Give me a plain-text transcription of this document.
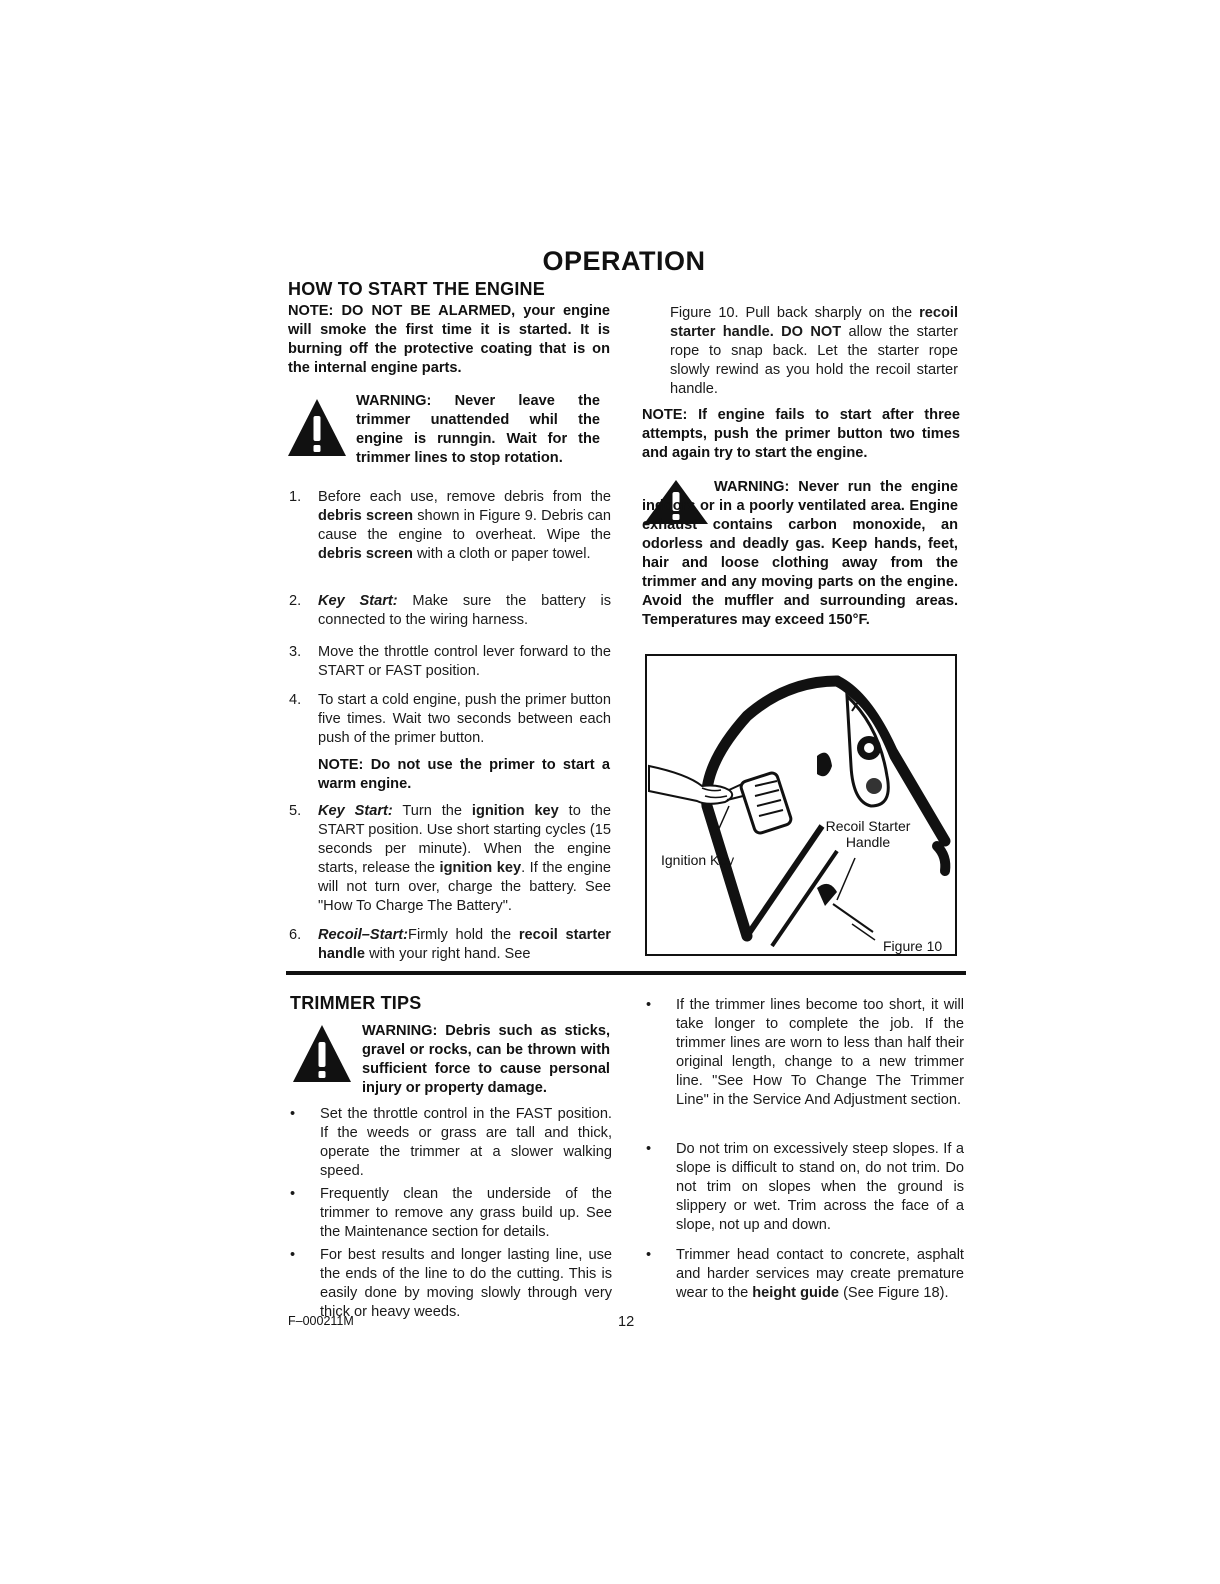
OPERATION
HOW TO START THE ENGINE

NOTE: DO NOT BE ALARMED, your engine will smoke the first time it is started. It is burning off the protective coating that is on the internal engine parts.

WARNING: Never leave the trimmer unattended whil the engine is runngin. Wait for the trimmer lines to stop rotation.

1. Before each use, remove debris from the debris screen shown in Figure 9. Debris can cause the engine to overheat. Wipe the debris screen with a cloth or paper towel.
2. Key Start: Make sure the battery is connected to the wiring harness.
3. Move the throttle control lever forward to the START or FAST position.
4. To start a cold engine, push the primer button five times. Wait two seconds between each push of the primer button.
5. Key Start: Turn the ignition key to the START position. Use short starting cycles (15 seconds per minute). When the engine starts, release the ignition key. If the engine will not turn over, charge the battery. See "How To Charge The Battery".
6. Recoil–Start:Firmly hold the recoil starter handle with your right hand. See

NOTE: Do not use the primer to start a warm engine.

Figure 10. Pull back sharply on the recoil starter handle. DO NOT allow the starter rope to snap back. Let the starter rope slowly rewind as you hold the recoil starter handle.

NOTE: If engine fails to start after three attempts, push the primer button two times and again try to start the engine.

WARNING: Never run the engine indoors or in a poorly ventilated area. Engine exhaust contains carbon monoxide, an odorless and deadly gas. Keep hands, feet, hair and loose clothing away from the trimmer and any moving parts on the engine. Avoid the muffler and surrounding areas. Temperatures may exceed 150°F.

Recoil Starter
Handle
Ignition Key
Figure 10
TRIMMER TIPS

WARNING: Debris such as sticks, gravel or rocks, can be thrown with sufficient force to cause personal injury or property damage.

• Set the throttle control in the FAST position. If the weeds or grass are tall and thick, operate the trimmer at a slower walking speed.
• Frequently clean the underside of the trimmer to remove any grass build up. See the Maintenance section for details.
• For best results and longer lasting line, use the ends of the line to do the cutting. This is easily done by moving slowly through very thick or heavy weeds.
• If the trimmer lines become too short, it will take longer to complete the job. If the trimmer lines are worn to less than half their original length, change to a new trimmer line. "See How To Change The Trimmer Line" in the Service And Adjustment section.
• Do not trim on excessively steep slopes. If a slope is difficult to stand on, do not trim. Do not trim on slopes when the ground is slippery or wet. Trim across the face of a slope, not up and down.
• Trimmer head contact to concrete, asphalt and harder services may create premature wear to the height guide (See Figure 18).
F–000211M	12
